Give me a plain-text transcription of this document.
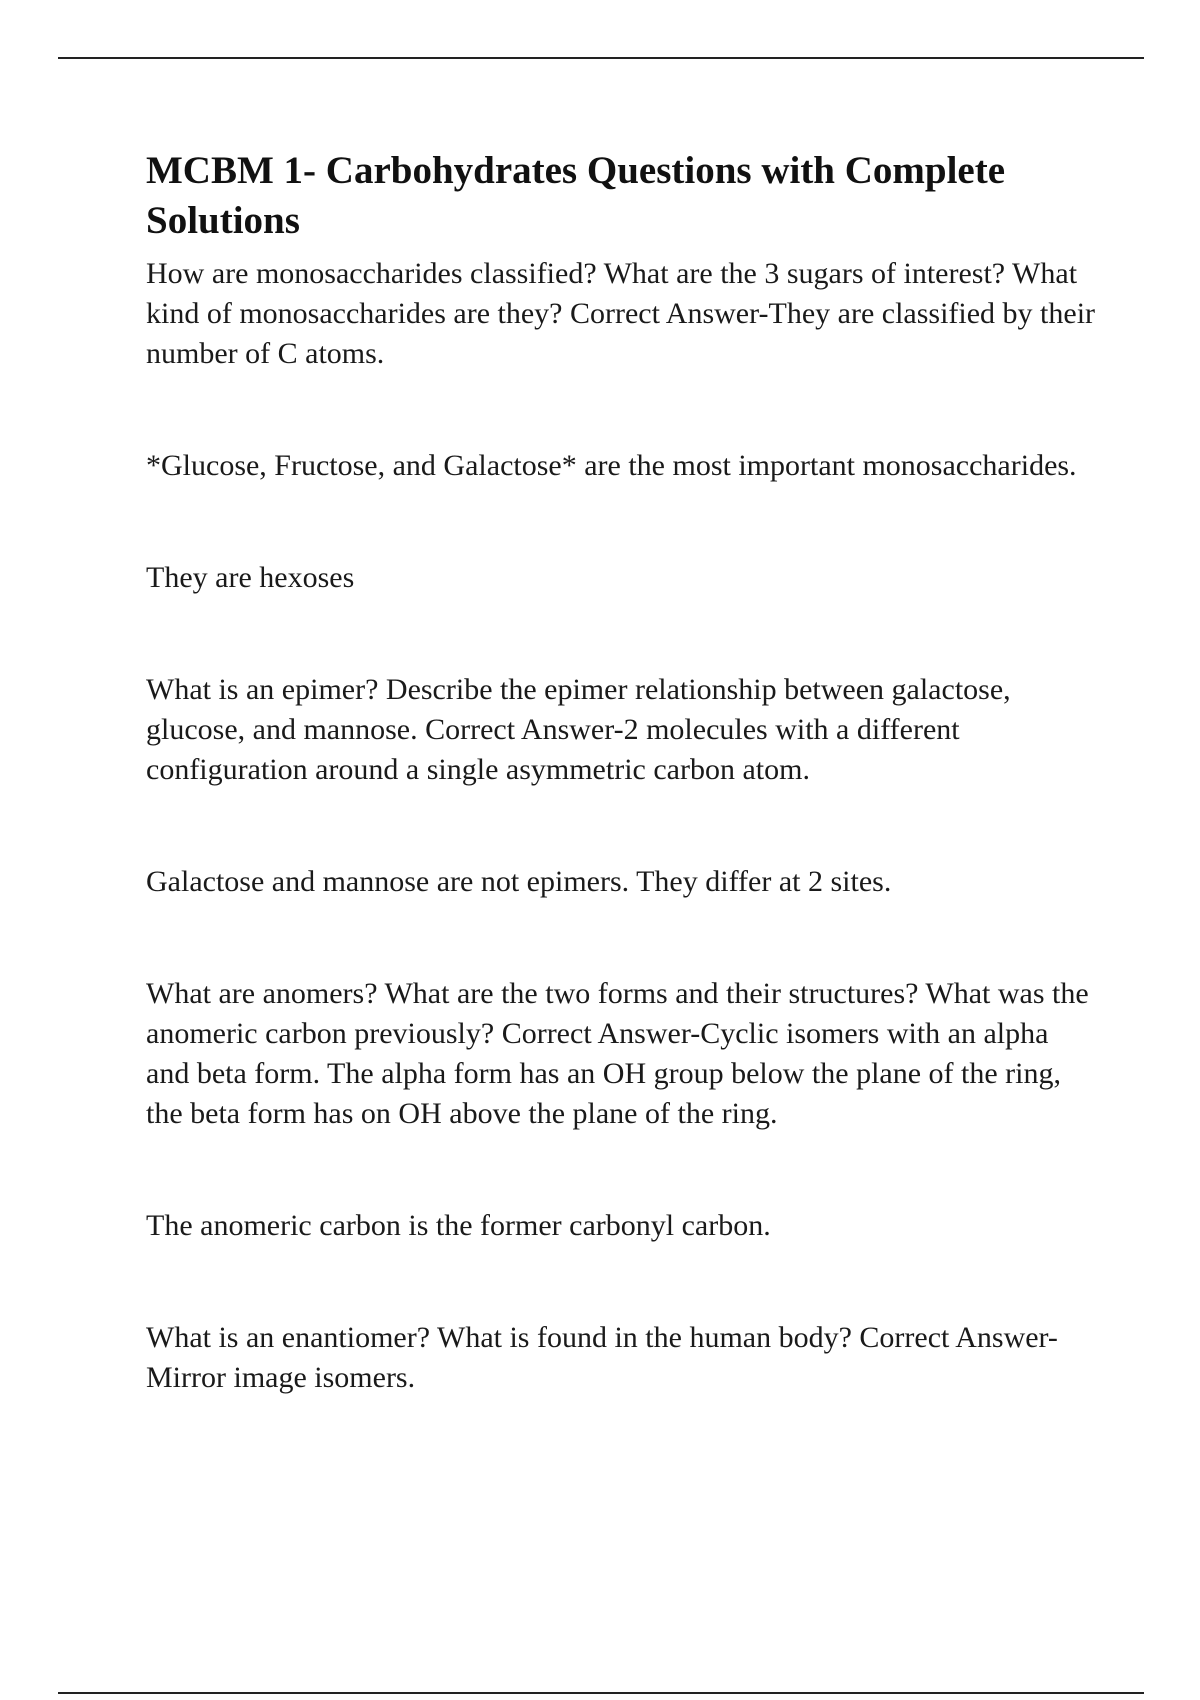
MCBM 1- Carbohydrates Questions with Complete Solutions

How are monosaccharides classified? What are the 3 sugars of interest? What kind of monosaccharides are they? Correct Answer-They are classified by their number of C atoms.

*Glucose, Fructose, and Galactose* are the most important monosaccharides.

They are hexoses

What is an epimer? Describe the epimer relationship between galactose, glucose, and mannose. Correct Answer-2 molecules with a different configuration around a single asymmetric carbon atom.

Galactose and mannose are not epimers. They differ at 2 sites.

What are anomers? What are the two forms and their structures? What was the anomeric carbon previously? Correct Answer-Cyclic isomers with an alpha and beta form. The alpha form has an OH group below the plane of the ring, the beta form has on OH above the plane of the ring.

The anomeric carbon is the former carbonyl carbon.

What is an enantiomer? What is found in the human body? Correct Answer-Mirror image isomers.
